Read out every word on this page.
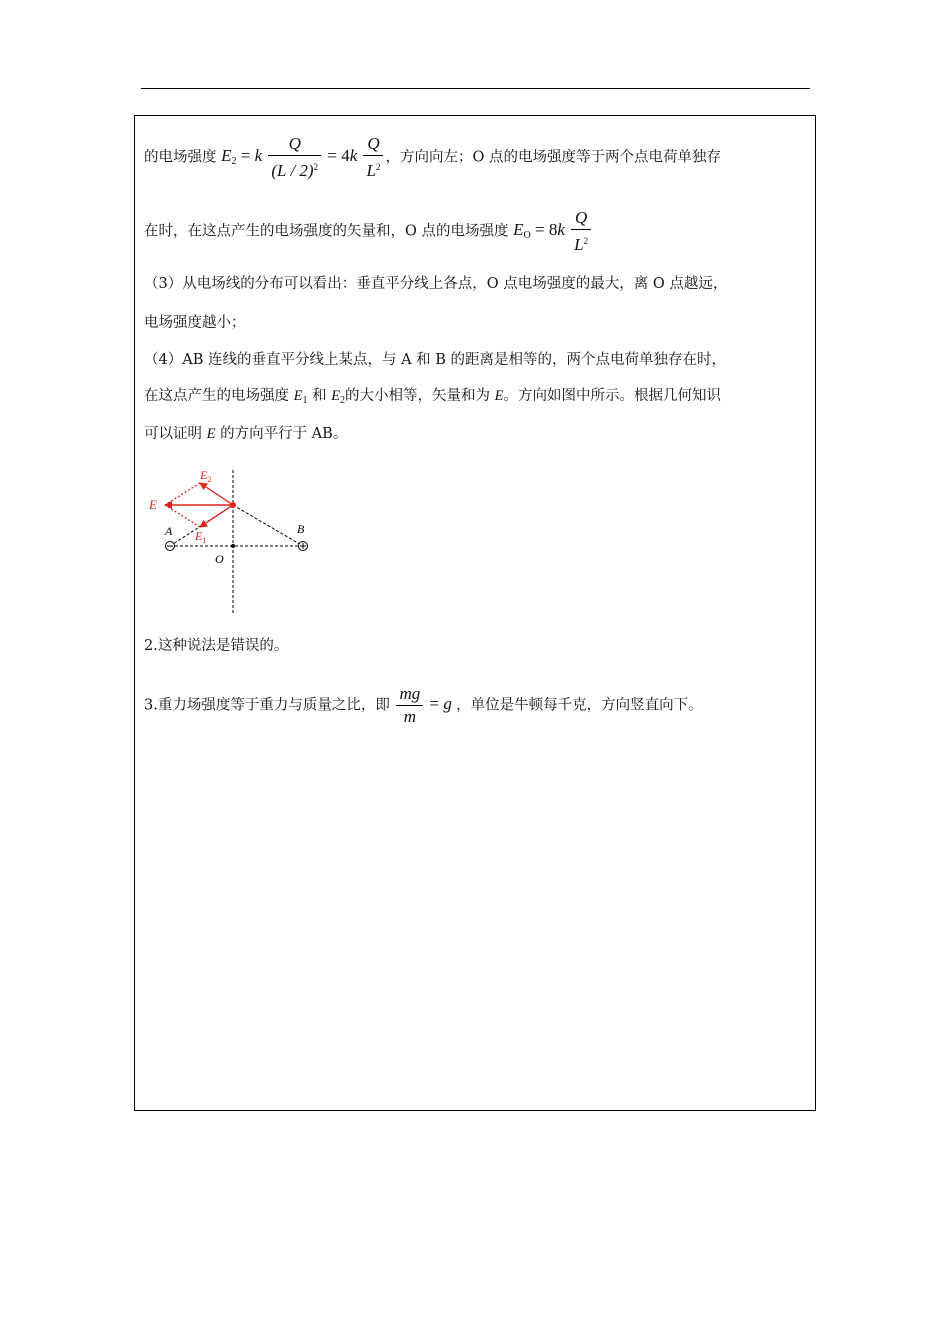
的电场强度 $E_2 = k \frac{Q}{(L / 2)^2} = 4k \frac{Q}{L^2}$ ，方向向左；O 点的电场强度等于两个点电荷单独存
在时，在这点产生的电场强度的矢量和，O 点的电场强度 $E_O = 8k \frac{Q}{L^2}$
（3）从电场线的分布可以看出：垂直平分线上各点，O 点电场强度的最大，离 O 点越远，
电场强度越小；
（4）AB 连线的垂直平分线上某点，与 A 和 B 的距离是相等的，两个点电荷单独存在时，
在这点产生的电场强度 $E_1$ 和 $E_2$的大小相等，矢量和为 E。方向如图中所示。根据几何知识
可以证明 E 的方向平行于 AB。
E
$E_2$
$E_1$
A	B
O
2.这种说法是错误的。
3.重力场强度等于重力与质量之比，即 $\frac{mg}{m} = g$ ，单位是牛顿每千克，方向竖直向下。
